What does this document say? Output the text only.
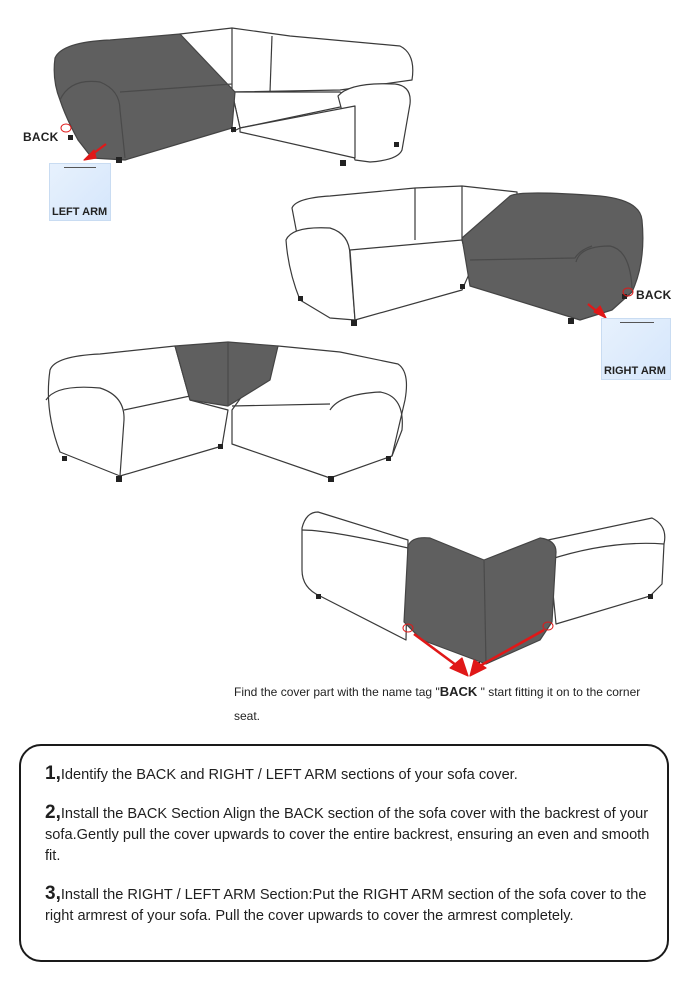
BACK
LEFT ARM
BACK
RIGHT ARM
Find the cover part with the name tag "BACK " start fitting it on to the corner seat.
1,Identify the BACK and RIGHT / LEFT ARM sections of your sofa cover.
2,Install the BACK Section Align the BACK section of the sofa cover with the backrest of your sofa.Gently pull the cover upwards to cover the entire backrest, ensuring an even and smooth fit.
3,Install the RIGHT / LEFT ARM Section:Put the RIGHT ARM section of the sofa cover to the right armrest of your sofa. Pull the cover upwards to cover the armrest completely.
